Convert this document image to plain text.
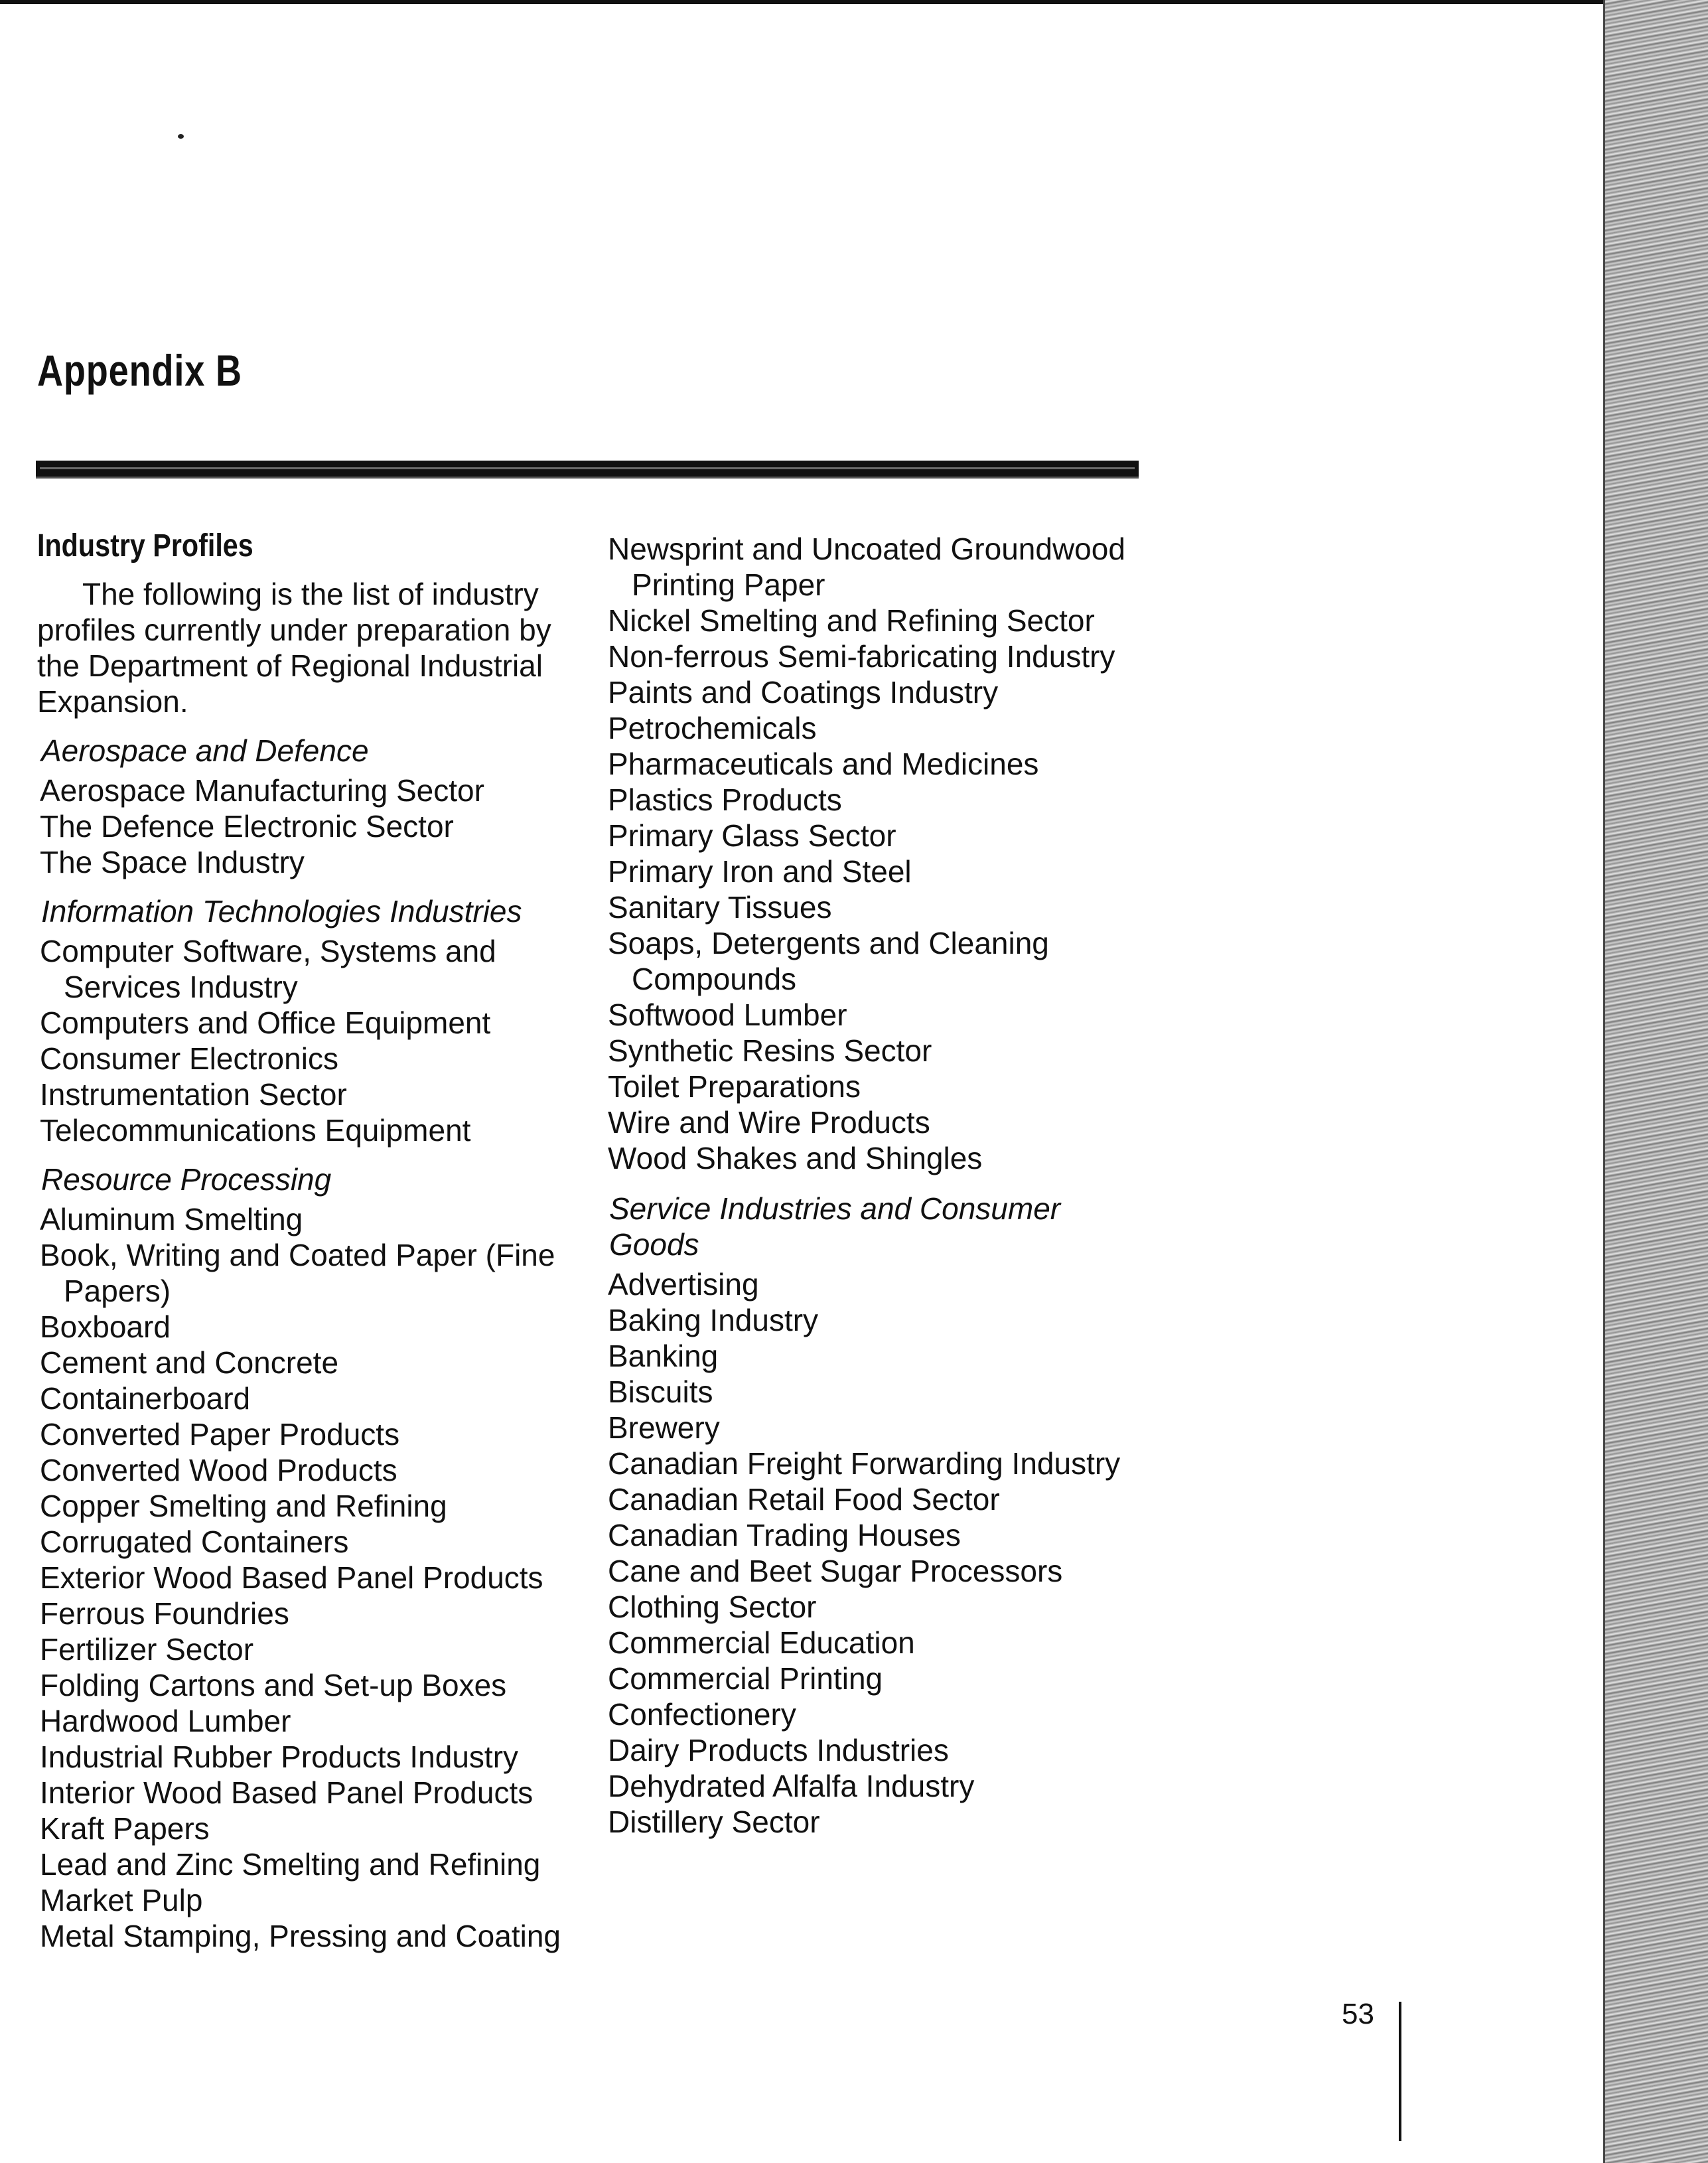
Appendix B
Industry Profiles

The following is the list of industry profiles currently under preparation by the Department of Regional Industrial Expansion.

Aerospace and Defence
Aerospace Manufacturing Sector
The Defence Electronic Sector
The Space Industry
Information Technologies Industries
Computer Software, Systems and Services Industry
Computers and Office Equipment
Consumer Electronics
Instrumentation Sector
Telecommunications Equipment
Resource Processing
Aluminum Smelting
Book, Writing and Coated Paper (Fine Papers)
Boxboard
Cement and Concrete
Containerboard
Converted Paper Products
Converted Wood Products
Copper Smelting and Refining
Corrugated Containers
Exterior Wood Based Panel Products
Ferrous Foundries
Fertilizer Sector
Folding Cartons and Set-up Boxes
Hardwood Lumber
Industrial Rubber Products Industry
Interior Wood Based Panel Products
Kraft Papers
Lead and Zinc Smelting and Refining
Market Pulp
Metal Stamping, Pressing and Coating
Newsprint and Uncoated Groundwood Printing Paper
Nickel Smelting and Refining Sector
Non-ferrous Semi-fabricating Industry
Paints and Coatings Industry
Petrochemicals
Pharmaceuticals and Medicines
Plastics Products
Primary Glass Sector
Primary Iron and Steel
Sanitary Tissues
Soaps, Detergents and Cleaning Compounds
Softwood Lumber
Synthetic Resins Sector
Toilet Preparations
Wire and Wire Products
Wood Shakes and Shingles
Service Industries and Consumer Goods
Advertising
Baking Industry
Banking
Biscuits
Brewery
Canadian Freight Forwarding Industry
Canadian Retail Food Sector
Canadian Trading Houses
Cane and Beet Sugar Processors
Clothing Sector
Commercial Education
Commercial Printing
Confectionery
Dairy Products Industries
Dehydrated Alfalfa Industry
Distillery Sector
53
